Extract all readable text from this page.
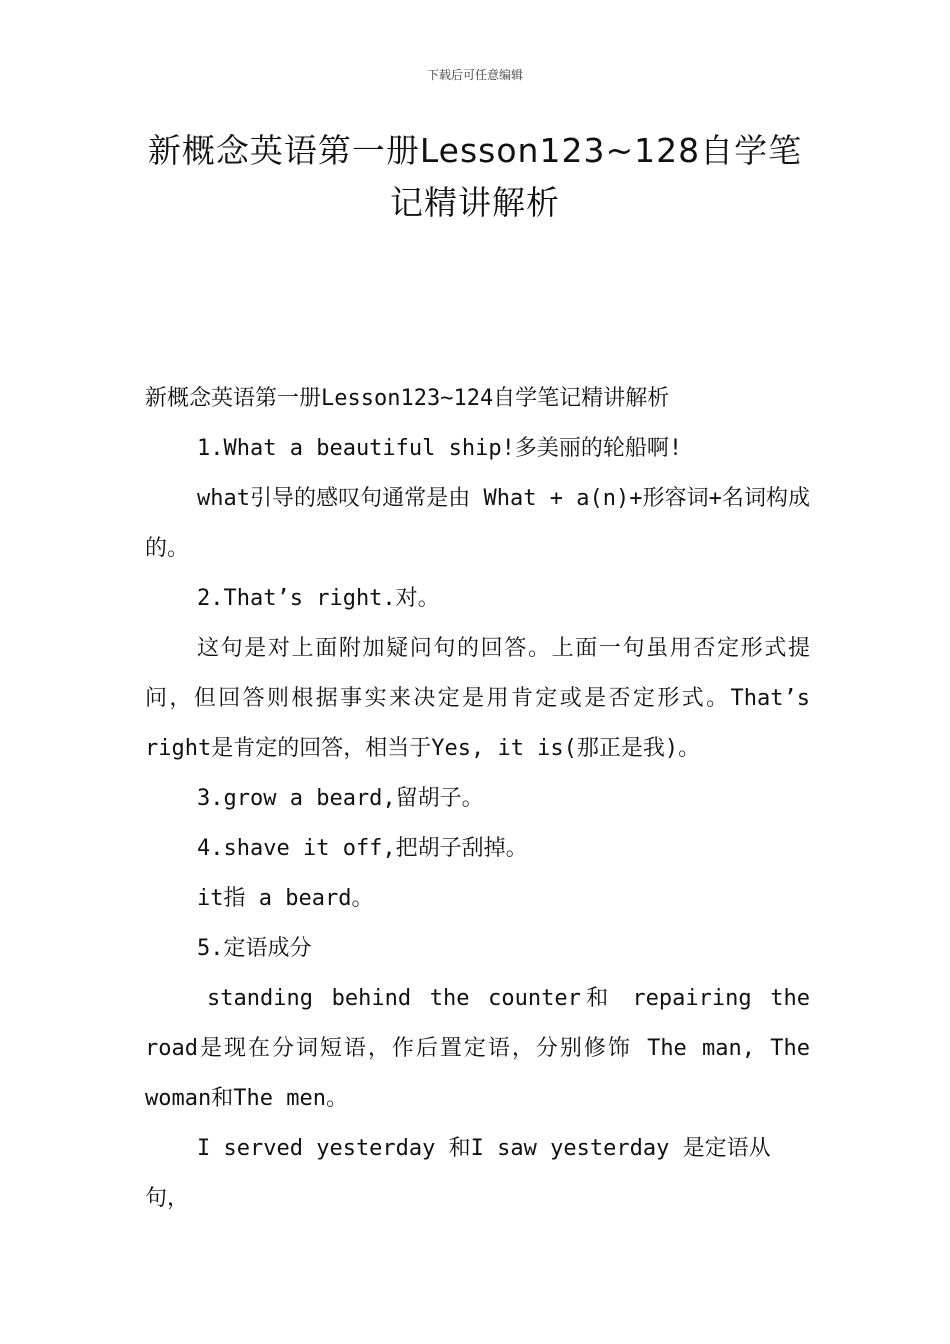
下载后可任意编辑
新概念英语第一册Lesson123~128自学笔
记精讲解析

新概念英语第一册Lesson123~124自学笔记精讲解析

1.What a beautiful ship!多美丽的轮船啊!

what引导的感叹句通常是由 What + a(n)+形容词+名词构成的。

2.That’s right.对。

这句是对上面附加疑问句的回答。上面一句虽用否定形式提问，但回答则根据事实来决定是用肯定或是否定形式。That’s right是肯定的回答，相当于Yes, it is(那正是我)。

3.grow a beard,留胡子。

4.shave it off,把胡子刮掉。

it指 a beard。

5.定语成分

standing behind the counter和 repairing the road是现在分词短语，作后置定语，分别修饰 The man, The woman和The men。

I served yesterday 和I saw yesterday 是定语从句，
